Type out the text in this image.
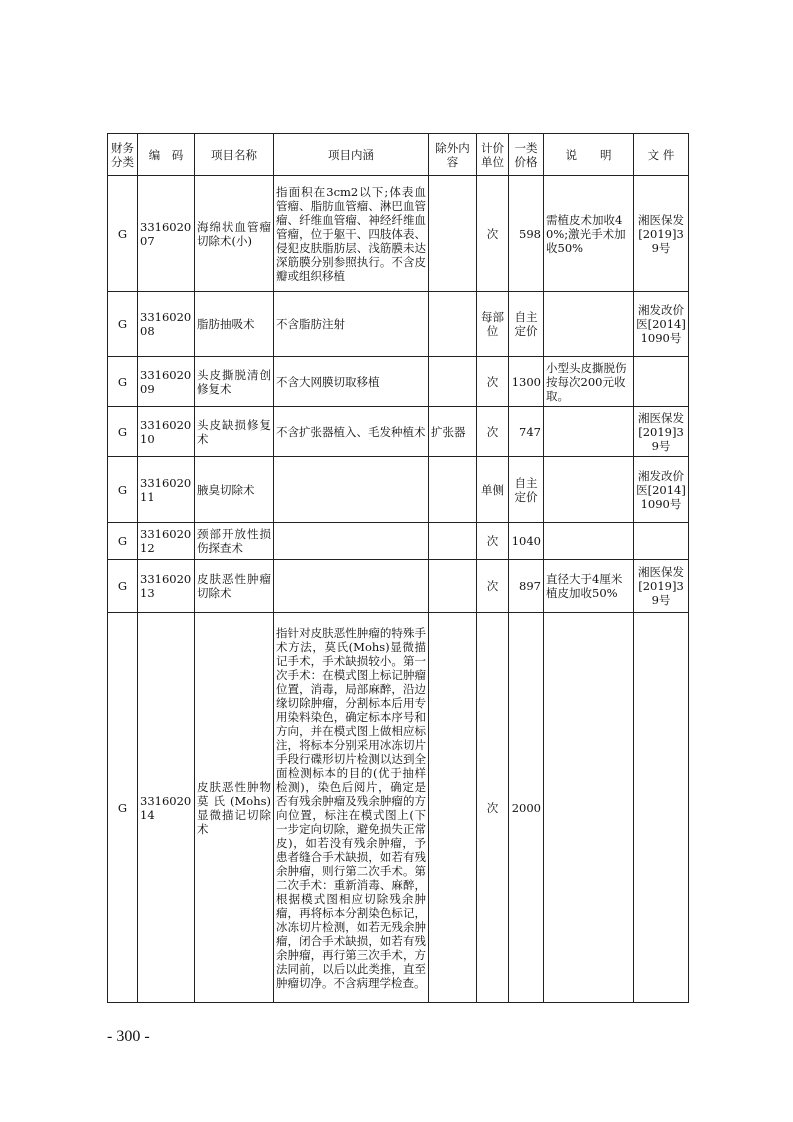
财务分类	编　码	项目名称	项目内涵	除外内容	计价单位	一类价格	说　　明	文 件
G	331602007	海绵状血管瘤切除术(小)	指面积在3cm2以下;体表血管瘤、脂肪血管瘤、淋巴血管瘤、纤维血管瘤、神经纤维血管瘤，位于躯干、四肢体表、侵犯皮肤脂肪层、浅筋膜未达深筋膜分别参照执行。不含皮瓣或组织移植		次	598	需植皮术加收40%;激光手术加收50%	湘医保发[2019]39号
G	331602008	脂肪抽吸术	不含脂肪注射		每部位	自主定价		湘发改价医[2014]1090号
G	331602009	头皮撕脱清创修复术	不含大网膜切取移植		次	1300	小型头皮撕脱伤按每次200元收取。	
G	331602010	头皮缺损修复术	不含扩张器植入、毛发种植术	扩张器	次	747		湘医保发[2019]39号
G	331602011	腋臭切除术			单侧	自主定价		湘发改价医[2014]1090号
G	331602012	颈部开放性损伤探查术			次	1040		
G	331602013	皮肤恶性肿瘤切除术			次	897	直径大于4厘米植皮加收50%	湘医保发[2019]39号
G	331602014	皮肤恶性肿物莫氏(Mohs)显微描记切除术	指针对皮肤恶性肿瘤的特殊手术方法，莫氏(Mohs)显微描记手术，手术缺损较小。第一次手术：在模式图上标记肿瘤位置，消毒，局部麻醉，沿边缘切除肿瘤，分割标本后用专用染料染色，确定标本序号和方向，并在模式图上做相应标注，将标本分别采用冰冻切片手段行碟形切片检测以达到全面检测标本的目的(优于抽样检测)，染色后阅片，确定是否有残余肿瘤及残余肿瘤的方向位置，标注在模式图上(下一步定向切除，避免损失正常皮)，如若没有残余肿瘤，予患者缝合手术缺损，如若有残余肿瘤，则行第二次手术。第二次手术：重新消毒、麻醉，根据模式图相应切除残余肿瘤，再将标本分割染色标记，冰冻切片检测，如若无残余肿瘤，闭合手术缺损，如若有残余肿瘤，再行第三次手术，方法同前，以后以此类推，直至肿瘤切净。不含病理学检查。		次	2000		
- 300 -
